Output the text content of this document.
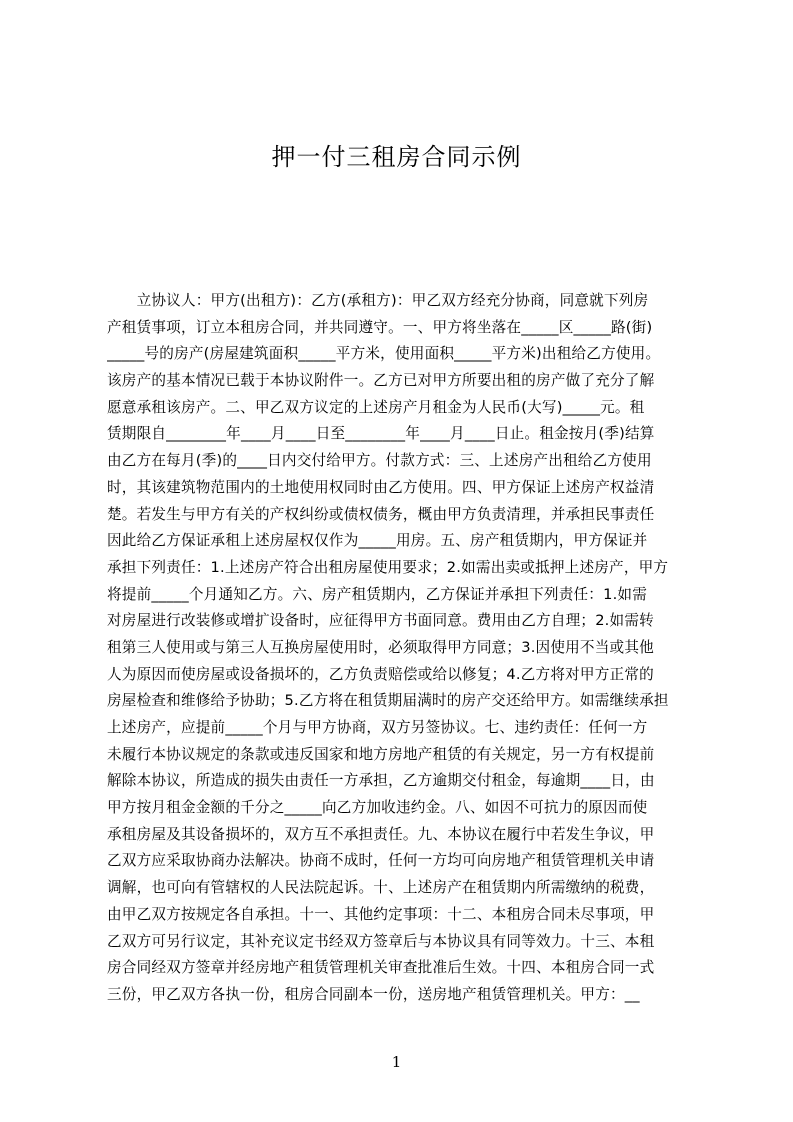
押一付三租房合同示例
　　立协议人：甲方(出租方)：乙方(承租方)：甲乙双方经充分协商，同意就下列房
产租赁事项，订立本租房合同，并共同遵守。一、甲方将坐落在_____区_____路(街)
_____号的房产(房屋建筑面积_____平方米，使用面积_____平方米)出租给乙方使用。
该房产的基本情况已载于本协议附件一。乙方已对甲方所要出租的房产做了充分了解
愿意承租该房产。二、甲乙双方议定的上述房产月租金为人民币(大写)_____元。租
赁期限自________年____月____日至________年____月____日止。租金按月(季)结算
由乙方在每月(季)的____日内交付给甲方。付款方式：三、上述房产出租给乙方使用
时，其该建筑物范围内的土地使用权同时由乙方使用。四、甲方保证上述房产权益清
楚。若发生与甲方有关的产权纠纷或债权债务，概由甲方负责清理，并承担民事责任
因此给乙方保证承租上述房屋权仅作为_____用房。五、房产租赁期内，甲方保证并
承担下列责任：1.上述房产符合出租房屋使用要求；2.如需出卖或抵押上述房产，甲方
将提前_____个月通知乙方。六、房产租赁期内，乙方保证并承担下列责任：1.如需
对房屋进行改装修或增扩设备时，应征得甲方书面同意。费用由乙方自理；2.如需转
租第三人使用或与第三人互换房屋使用时，必须取得甲方同意；3.因使用不当或其他
人为原因而使房屋或设备损坏的，乙方负责赔偿或给以修复；4.乙方将对甲方正常的
房屋检查和维修给予协助；5.乙方将在租赁期届满时的房产交还给甲方。如需继续承担
上述房产，应提前_____个月与甲方协商，双方另签协议。七、违约责任：任何一方
未履行本协议规定的条款或违反国家和地方房地产租赁的有关规定，另一方有权提前
解除本协议，所造成的损失由责任一方承担，乙方逾期交付租金，每逾期____日，由
甲方按月租金金额的千分之_____向乙方加收违约金。八、如因不可抗力的原因而使
承租房屋及其设备损坏的，双方互不承担责任。九、本协议在履行中若发生争议，甲
乙双方应采取协商办法解决。协商不成时，任何一方均可向房地产租赁管理机关申请
调解，也可向有管辖权的人民法院起诉。十、上述房产在租赁期内所需缴纳的税费，
由甲乙双方按规定各自承担。十一、其他约定事项：十二、本租房合同未尽事项，甲
乙双方可另行议定，其补充议定书经双方签章后与本协议具有同等效力。十三、本租
房合同经双方签章并经房地产租赁管理机关审查批准后生效。十四、本租房合同一式
三份，甲乙双方各执一份，租房合同副本一份，送房地产租赁管理机关。甲方：__
1
